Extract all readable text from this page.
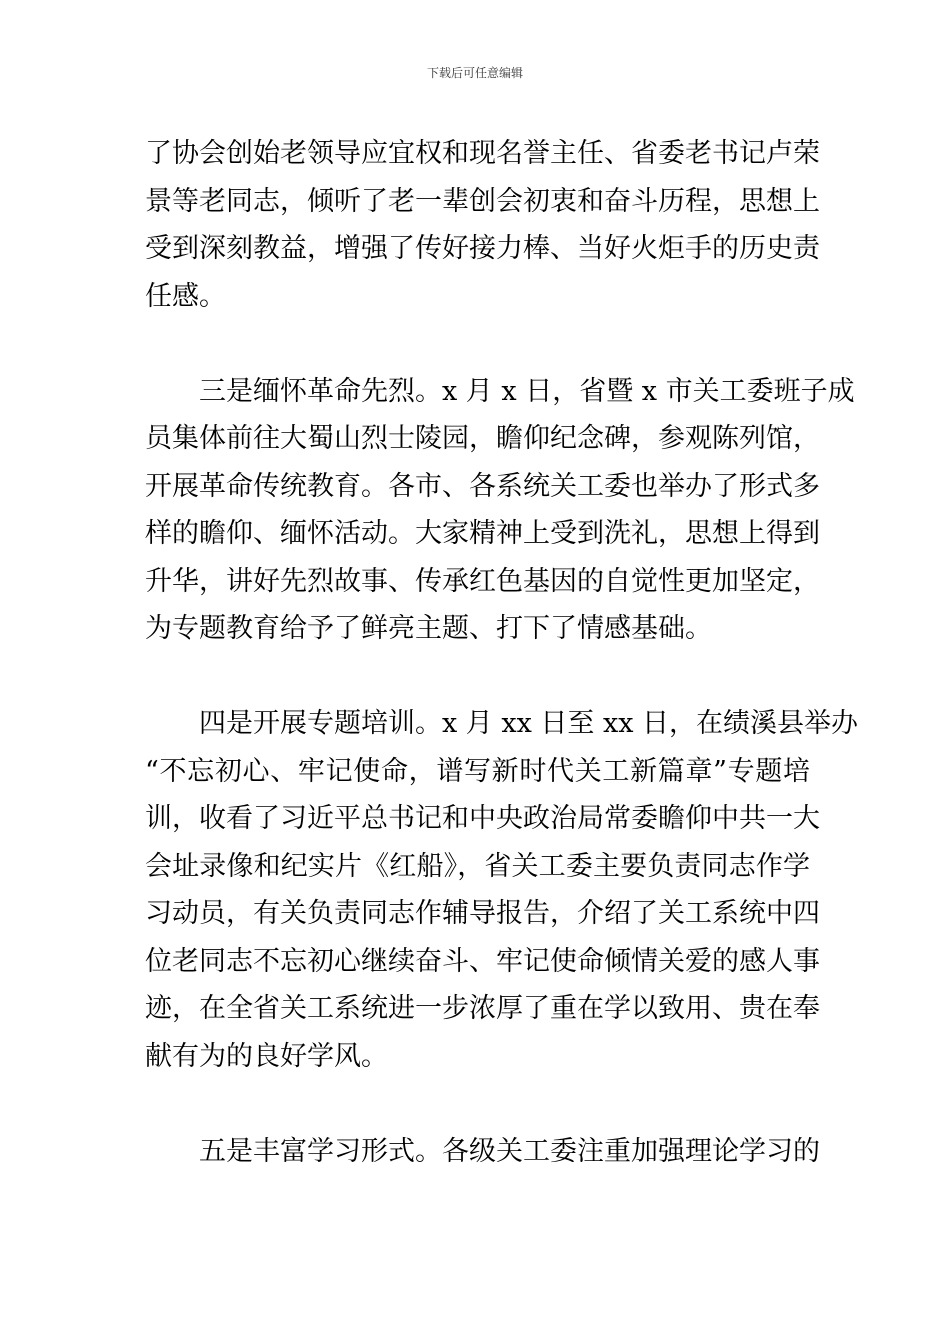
下载后可任意编辑
了协会创始老领导应宜权和现名誉主任、省委老书记卢荣
景等老同志，倾听了老一辈创会初衷和奋斗历程，思想上
受到深刻教益，增强了传好接力棒、当好火炬手的历史责
任感。
三是缅怀革命先烈。x 月 x 日，省暨 x 市关工委班子成
员集体前往大蜀山烈士陵园，瞻仰纪念碑，参观陈列馆，
开展革命传统教育。各市、各系统关工委也举办了形式多
样的瞻仰、缅怀活动。大家精神上受到洗礼，思想上得到
升华，讲好先烈故事、传承红色基因的自觉性更加坚定，
为专题教育给予了鲜亮主题、打下了情感基础。
四是开展专题培训。x 月 xx 日至 xx 日，在绩溪县举办
“不忘初心、牢记使命，谱写新时代关工新篇章”专题培
训，收看了习近平总书记和中央政治局常委瞻仰中共一大
会址录像和纪实片《红船》，省关工委主要负责同志作学
习动员，有关负责同志作辅导报告，介绍了关工系统中四
位老同志不忘初心继续奋斗、牢记使命倾情关爱的感人事
迹，在全省关工系统进一步浓厚了重在学以致用、贵在奉
献有为的良好学风。
五是丰富学习形式。各级关工委注重加强理论学习的
